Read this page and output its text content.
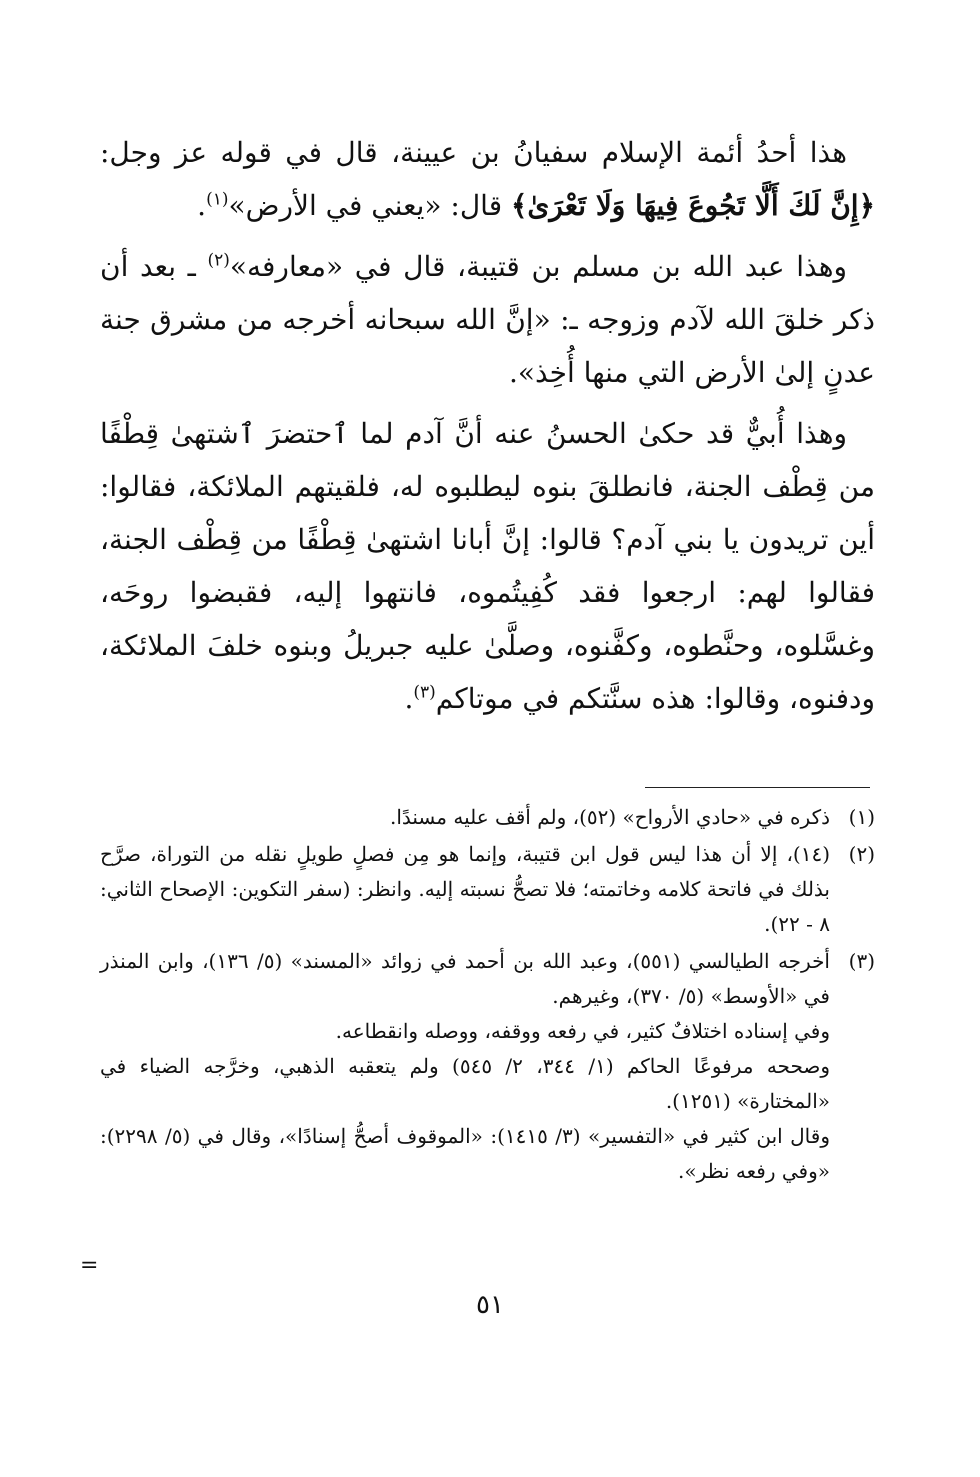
هذا أحدُ أئمة الإسلام سفيانُ بن عيينة، قال في قوله عز وجل: ﴿إِنَّ لَكَ أَلَّا تَجُوعَ فِيهَا وَلَا تَعْرَىٰ﴾ قال: «يعني في الأرض»$^{(١)}$.

وهذا عبد الله بن مسلم بن قتيبة، قال في «معارفه»$^{(٢)}$ ـ بعد أن ذكر خلقَ الله لآدم وزوجه ـ: «إنَّ الله سبحانه أخرجه من مشرق جنة عدنٍ إلىٰ الأرض التي منها أُخِذ».

وهذا أُبيٌّ قد حكىٰ الحسنُ عنه أنَّ آدم لما ٱحتضرَ ٱشتهىٰ قِطْفًا من قِطْف الجنة، فانطلقَ بنوه ليطلبوه له، فلقيتهم الملائكة، فقالوا: أين تريدون يا بني آدم؟ قالوا: إنَّ أبانا اشتهىٰ قِطْفًا من قِطْف الجنة، فقالوا لهم: ارجعوا فقد كُفِيتُموه، فانتهوا إليه، فقبضوا روحَه، وغسَّلوه، وحنَّطوه، وكفَّنوه، وصلَّىٰ عليه جبريلُ وبنوه خلفَ الملائكة، ودفنوه، وقالوا: هذه سنَّتكم في موتاكم$^{(٣)}$.

(١)

ذكره في «حادي الأرواح» (٥٢)، ولم أقف عليه مسندًا.

(٢)

(١٤)، إلا أن هذا ليس قول ابن قتيبة، وإنما هو مِن فصلٍ طويلٍ نقله من التوراة، صرَّح بذلك في فاتحة كلامه وخاتمته؛ فلا تصحُّ نسبته إليه. وانظر: (سفر التكوين: الإصحاح الثاني: ٨ - ٢٢).

(٣)

أخرجه الطيالسي (٥٥١)، وعبد الله بن أحمد في زوائد «المسند» (٥/ ١٣٦)، وابن المنذر في «الأوسط» (٥/ ٣٧٠)، وغيرهم.

وفي إسناده اختلافٌ كثير، في رفعه ووقفه، ووصله وانقطاعه.

وصححه مرفوعًا الحاكم (١/ ٣٤٤، ٢/ ٥٤٥) ولم يتعقبه الذهبي، وخرَّجه الضياء في «المختارة» (١٢٥١).

وقال ابن كثير في «التفسير» (٣/ ١٤١٥): «الموقوف أصحُّ إسنادًا»، وقال في (٥/ ٢٢٩٨): «وفي رفعه نظر».

=
٥١
